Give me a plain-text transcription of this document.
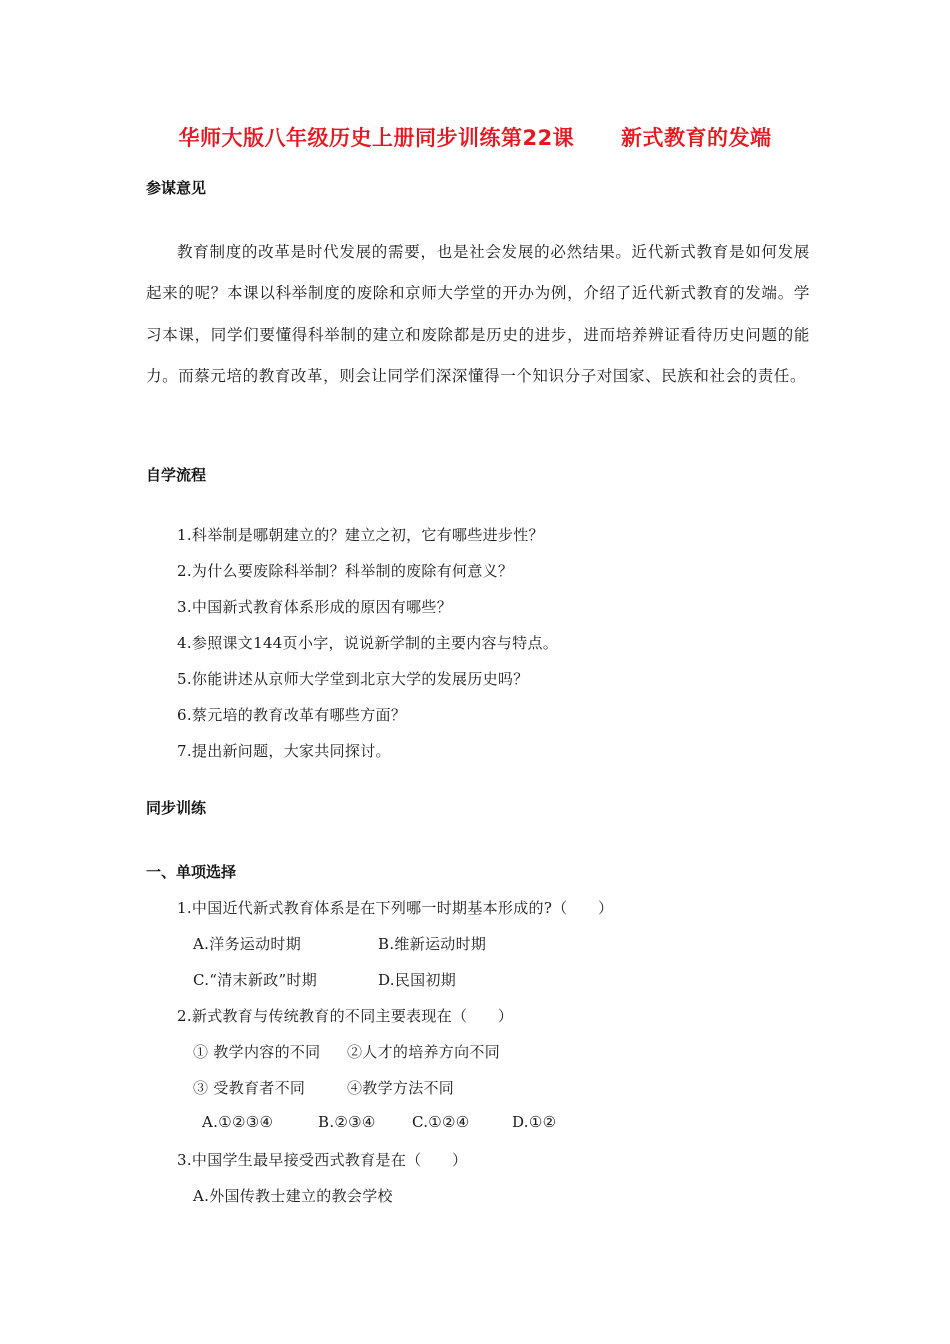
华师大版八年级历史上册同步训练第22课      新式教育的发端
参谋意见
教育制度的改革是时代发展的需要，也是社会发展的必然结果。近代新式教育是如何发展起来的呢？本课以科举制度的废除和京师大学堂的开办为例，介绍了近代新式教育的发端。学习本课，同学们要懂得科举制的建立和废除都是历史的进步，进而培养辨证看待历史问题的能力。而蔡元培的教育改革，则会让同学们深深懂得一个知识分子对国家、民族和社会的责任。
自学流程
1.科举制是哪朝建立的？建立之初，它有哪些进步性？
2.为什么要废除科举制？科举制的废除有何意义？
3.中国新式教育体系形成的原因有哪些？
4.参照课文144页小字，说说新学制的主要内容与特点。
5.你能讲述从京师大学堂到北京大学的发展历史吗？
6.蔡元培的教育改革有哪些方面？
7.提出新问题，大家共同探讨。
同步训练
一、单项选择
1.中国近代新式教育体系是在下列哪一时期基本形成的?（　　）
A.洋务运动时期	B.维新运动时期
C.“清末新政”时期	D.民国初期
2.新式教育与传统教育的不同主要表现在（　　）
① 教学内容的不同 ②人才的培养方向不同
③ 受教育者不同	④教学方法不同
A.①②③④	B.②③④ C.①②④	D.①②
3.中国学生最早接受西式教育是在（　　）
A.外国传教士建立的教会学校
